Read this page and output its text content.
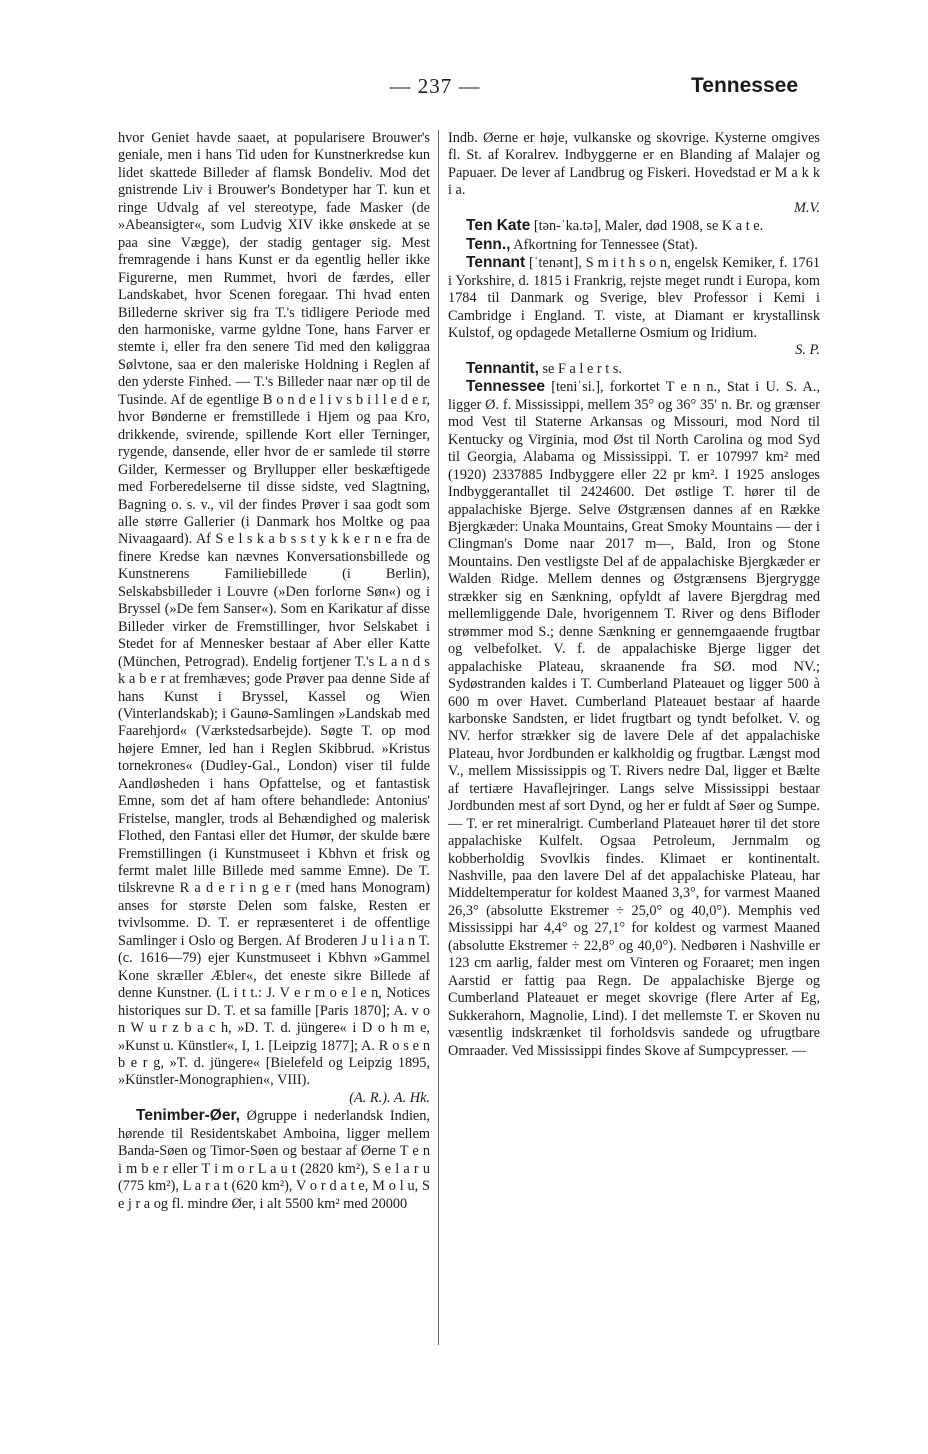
— 237 —	Tennessee

hvor Geniet havde saaet, at popularisere Brouwer's geniale, men i hans Tid uden for Kunstnerkredse kun lidet skattede Billeder af flamsk Bondeliv. Mod det gnistrende Liv i Brouwer's Bondetyper har T. kun et ringe Udvalg af vel stereotype, fade Masker (de »Abeansigter«, som Ludvig XIV ikke ønskede at se paa sine Vægge), der stadig gentager sig. Mest fremragende i hans Kunst er da egentlig heller ikke Figurerne, men Rummet, hvori de færdes, eller Landskabet, hvor Scenen foregaar. Thi hvad enten Billederne skriver sig fra T.'s tidligere Periode med den harmoniske, varme gyldne Tone, hans Farver er stemte i, eller fra den senere Tid med den køliggraa Sølvtone, saa er den maleriske Holdning i Reglen af den yderste Finhed. — T.'s Billeder naar nær op til de Tusinde. Af de egentlige B o n d e l i v s b i l l e d e r, hvor Bønderne er fremstillede i Hjem og paa Kro, drikkende, svirende, spillende Kort eller Terninger, rygende, dansende, eller hvor de er samlede til større Gilder, Kermesser og Bryllupper eller beskæftigede med Forberedelserne til disse sidste, ved Slagtning, Bagning o. s. v., vil der findes Prøver i saa godt som alle større Gallerier (i Danmark hos Moltke og paa Nivaagaard). Af S e l s k a b s s t y k k e r n e fra de finere Kredse kan nævnes Konversationsbillede og Kunstnerens Familiebillede (i Berlin), Selskabsbilleder i Louvre (»Den forlorne Søn«) og i Bryssel (»De fem Sanser«). Som en Karikatur af disse Billeder virker de Fremstillinger, hvor Selskabet i Stedet for af Mennesker bestaar af Aber eller Katte (München, Petrograd). Endelig fortjener T.'s L a n d s k a b e r at fremhæves; gode Prøver paa denne Side af hans Kunst i Bryssel, Kassel og Wien (Vinterlandskab); i Gaunø-Samlingen »Landskab med Faarehjord« (Værkstedsarbejde). Søgte T. op mod højere Emner, led han i Reglen Skibbrud. »Kristus tornekrones« (Dudley-Gal., London) viser til fulde Aandløsheden i hans Opfattelse, og et fantastisk Emne, som det af ham oftere behandlede: Antonius' Fristelse, mangler, trods al Behændighed og malerisk Flothed, den Fantasi eller det Humør, der skulde bære Fremstillingen (i Kunstmuseet i Kbhvn et frisk og fermt malet lille Billede med samme Emne). De T. tilskrevne R a d e r i n g e r (med hans Monogram) anses for største Delen som falske, Resten er tvivlsomme. D. T. er repræsenteret i de offentlige Samlinger i Oslo og Bergen. Af Broderen J u l i a n T. (c. 1616—79) ejer Kunstmuseet i Kbhvn »Gammel Kone skræller Æbler«, det eneste sikre Billede af denne Kunstner. (L i t t.: J. V e r m o e l e n, Notices historiques sur D. T. et sa famille [Paris 1870]; A. v o n W u r z b a c h, »D. T. d. jüngere« i D o h m e, »Kunst u. Künstler«, I, 1. [Leipzig 1877]; A. R o s e n b e r g, »T. d. jüngere« [Bielefeld og Leipzig 1895, »Künstler-Monographien«, VIII).
(A. R.). A. Hk.

Tenimber-Øer, Øgruppe i nederlandsk Indien, hørende til Residentskabet Amboina, ligger mellem Banda-Søen og Timor-Søen og bestaar af Øerne T e n i m b e r eller T i m o r L a u t (2820 km²), S e l a r u (775 km²), L a r a t (620 km²), V o r d a t e, M o l u, S e j r a og fl. mindre Øer, i alt 5500 km² med 20000

Indb. Øerne er høje, vulkanske og skovrige. Kysterne omgives fl. St. af Koralrev. Indbyggerne er en Blanding af Malajer og Papuaer. De lever af Landbrug og Fiskeri. Hovedstad er M a k k i a.
M.V.

Ten Kate [tən-ˈka.tə], Maler, død 1908, se K a t e.

Tenn., Afkortning for Tennessee (Stat).

Tennant [ˈtenənt], S m i t h s o n, engelsk Kemiker, f. 1761 i Yorkshire, d. 1815 i Frankrig, rejste meget rundt i Europa, kom 1784 til Danmark og Sverige, blev Professor i Kemi i Cambridge i England. T. viste, at Diamant er krystallinsk Kulstof, og opdagede Metallerne Osmium og Iridium.
S. P.

Tennantit, se F a l e r t s.

Tennessee [teniˈsi.], forkortet T e n n., Stat i U. S. A., ligger Ø. f. Mississippi, mellem 35° og 36° 35′ n. Br. og grænser mod Vest til Staterne Arkansas og Missouri, mod Nord til Kentucky og Virginia, mod Øst til North Carolina og mod Syd til Georgia, Alabama og Mississippi. T. er 107997 km² med (1920) 2337885 Indbyggere eller 22 pr km². I 1925 ansloges Indbyggerantallet til 2424600. Det østlige T. hører til de appalachiske Bjerge. Selve Østgrænsen dannes af en Række Bjergkæder: Unaka Mountains, Great Smoky Mountains — der i Clingman's Dome naar 2017 m—, Bald, Iron og Stone Mountains. Den vestligste Del af de appalachiske Bjergkæder er Walden Ridge. Mellem dennes og Østgrænsens Bjergrygge strækker sig en Sænkning, opfyldt af lavere Bjergdrag med mellemliggende Dale, hvorigennem T. River og dens Bifloder strømmer mod S.; denne Sænkning er gennemgaaende frugtbar og velbefolket. V. f. de appalachiske Bjerge ligger det appalachiske Plateau, skraanende fra SØ. mod NV.; Sydøstranden kaldes i T. Cumberland Plateauet og ligger 500 à 600 m over Havet. Cumberland Plateauet bestaar af haarde karbonske Sandsten, er lidet frugtbart og tyndt befolket. V. og NV. herfor strækker sig de lavere Dele af det appalachiske Plateau, hvor Jordbunden er kalkholdig og frugtbar. Længst mod V., mellem Mississippis og T. Rivers nedre Dal, ligger et Bælte af tertiære Havaflejringer. Langs selve Mississippi bestaar Jordbunden mest af sort Dynd, og her er fuldt af Søer og Sumpe. — T. er ret mineralrigt. Cumberland Plateauet hører til det store appalachiske Kulfelt. Ogsaa Petroleum, Jernmalm og kobberholdig Svovlkis findes. Klimaet er kontinentalt. Nashville, paa den lavere Del af det appalachiske Plateau, har Middeltemperatur for koldest Maaned 3,3°, for varmest Maaned 26,3° (absolutte Ekstremer ÷ 25,0° og 40,0°). Memphis ved Mississippi har 4,4° og 27,1° for koldest og varmest Maaned (absolutte Ekstremer ÷ 22,8° og 40,0°). Nedbøren i Nashville er 123 cm aarlig, falder mest om Vinteren og Foraaret; men ingen Aarstid er fattig paa Regn. De appalachiske Bjerge og Cumberland Plateauet er meget skovrige (flere Arter af Eg, Sukkerahorn, Magnolie, Lind). I det mellemste T. er Skoven nu væsentlig indskrænket til forholdsvis sandede og ufrugtbare Omraader. Ved Mississippi findes Skove af Sumpcypresser. —
